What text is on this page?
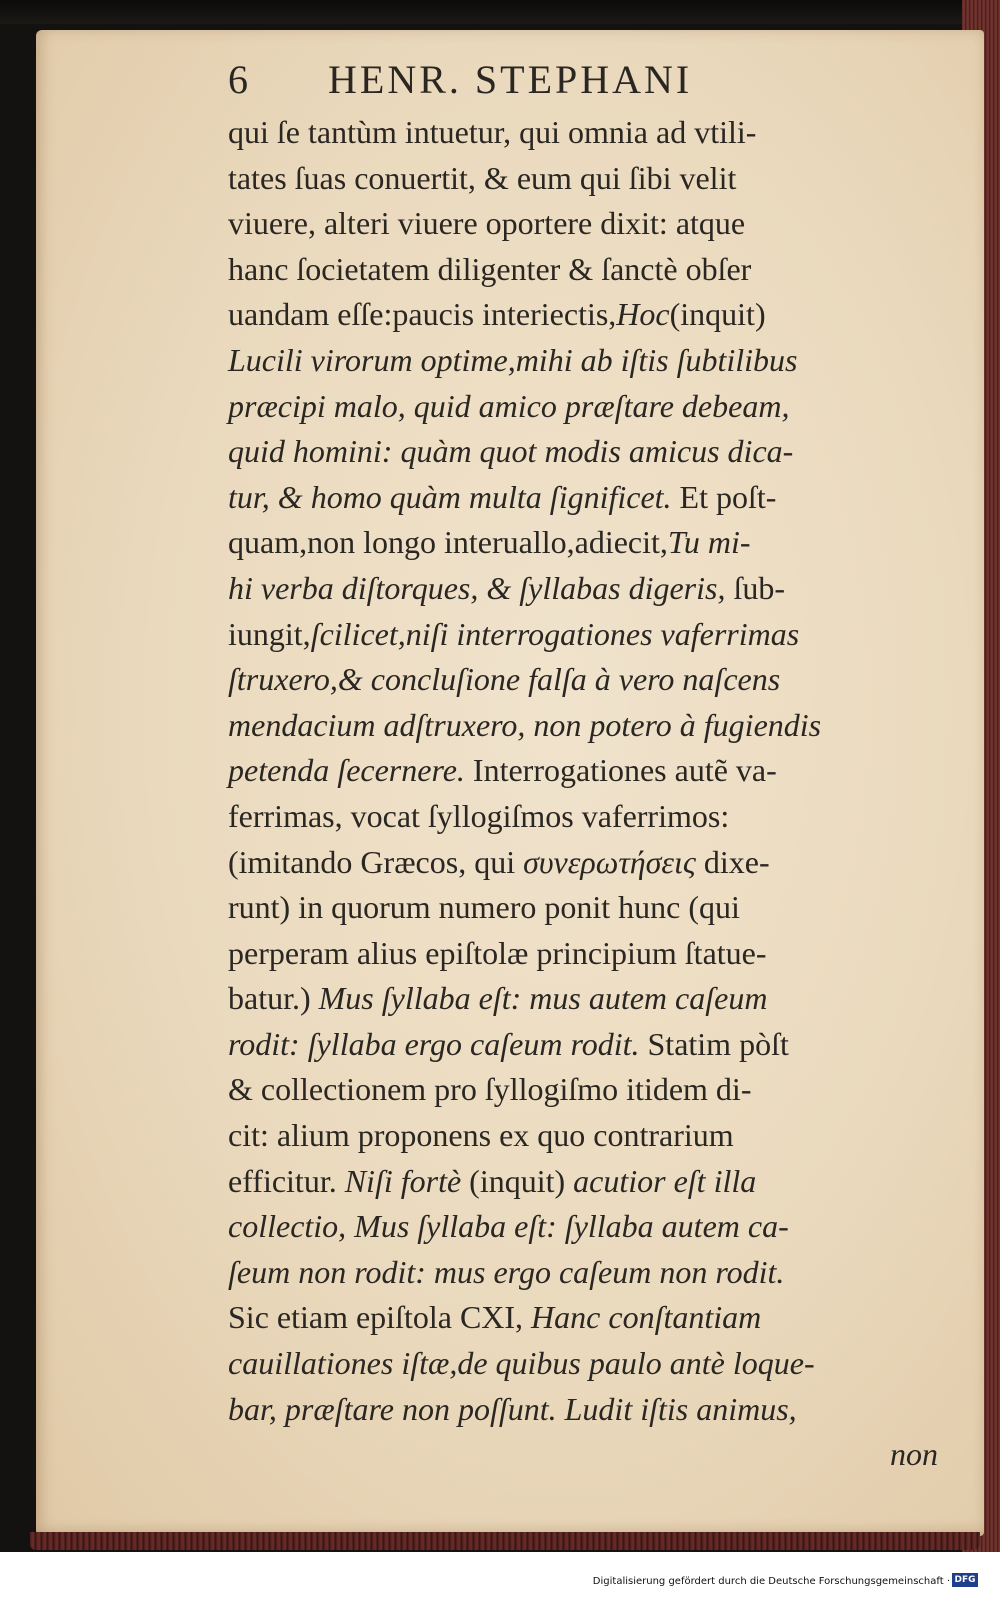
6 HENR. STEPHANI
qui ſe tantùm intuetur, qui omnia ad vtili-
tates ſuas conuertit, & eum qui ſibi velit
viuere, alteri viuere oportere dixit: atque
hanc ſocietatem diligenter & ſanctè obſer
uandam eſſe:paucis interiectis,Hoc(inquit)
Lucili virorum optime,mihi ab iſtis ſubtilibus
præcipi malo, quid amico præſtare debeam,
quid homini: quàm quot modis amicus dica-
tur, & homo quàm multa ſignificet. Et poſt-
quam,non longo interuallo,adiecit,Tu mi-
hi verba diſtorques, & ſyllabas digeris, ſub-
iungit,ſcilicet,niſi interrogationes vaferrimas
ſtruxero,& concluſione falſa à vero naſcens
mendacium adſtruxero, non potero à fugiendis
petenda ſecernere. Interrogationes autẽ va-
ferrimas, vocat ſyllogiſmos vaferrimos:
(imitando Græcos, qui συνερωτήσεις dixe-
runt) in quorum numero ponit hunc (qui
perperam alius epiſtolæ principium ſtatue-
batur.) Mus ſyllaba eſt: mus autem caſeum
rodit: ſyllaba ergo caſeum rodit. Statim pòſt
& collectionem pro ſyllogiſmo itidem di-
cit: alium proponens ex quo contrarium
efficitur. Niſi fortè (inquit) acutior eſt illa
collectio, Mus ſyllaba eſt: ſyllaba autem ca-
ſeum non rodit: mus ergo caſeum non rodit.
Sic etiam epiſtola CXI, Hanc conſtantiam
cauillationes iſtæ,de quibus paulo antè loque-
bar, præſtare non poſſunt. Ludit iſtis animus,
non
Digitalisierung gefördert durch die Deutsche Forschungsgemeinschaft · DFG
